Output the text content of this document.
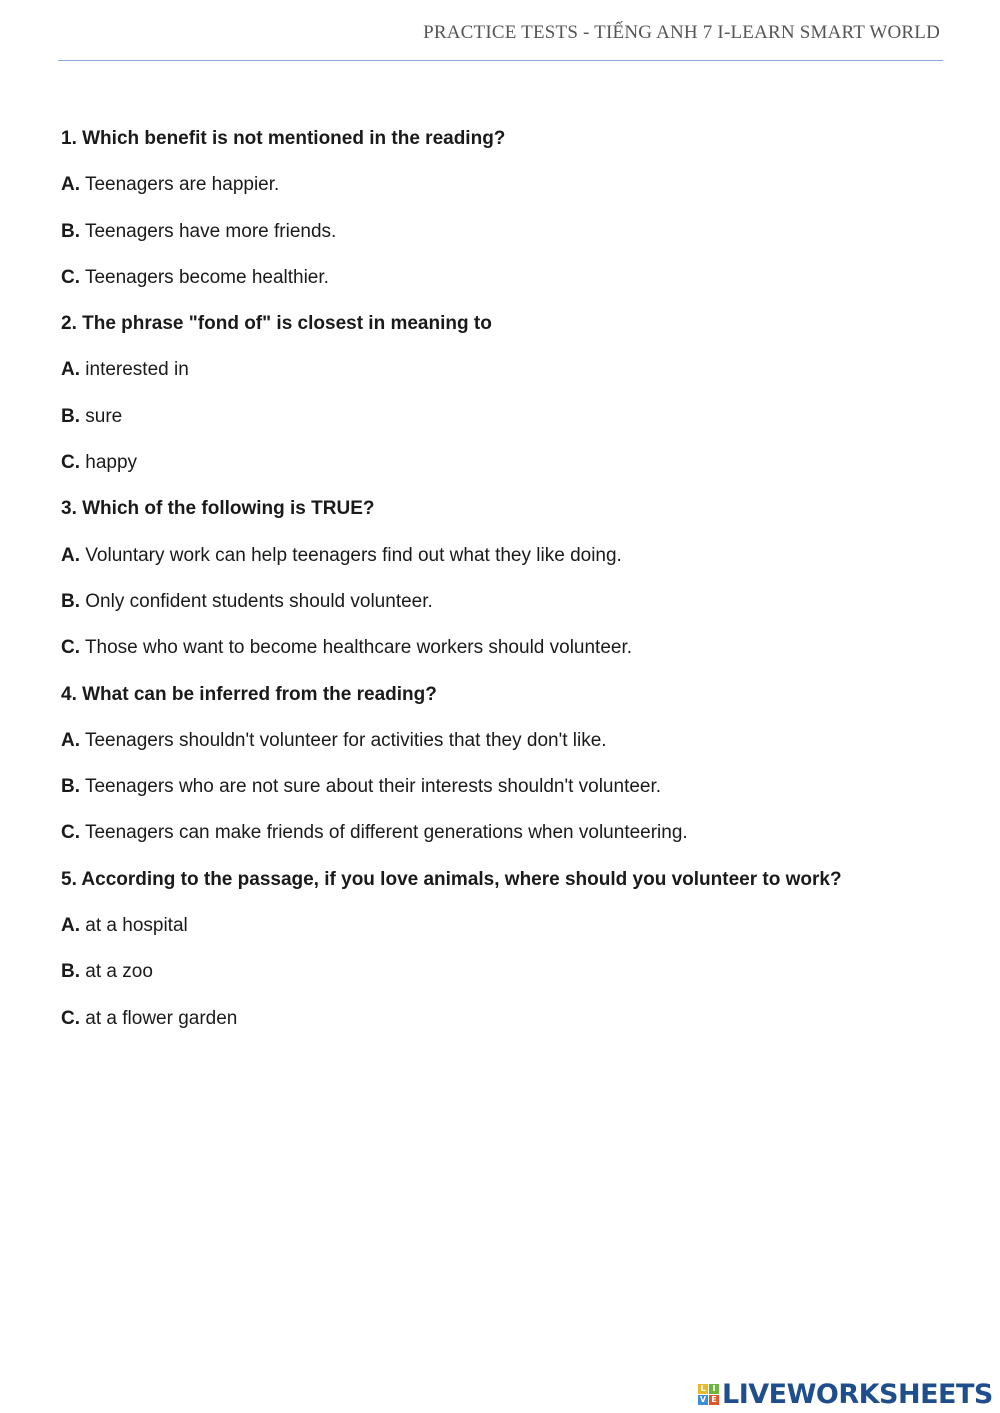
PRACTICE TESTS - TIẾNG ANH 7 I-LEARN SMART WORLD
1. Which benefit is not mentioned in the reading?
A. Teenagers are happier.
B. Teenagers have more friends.
C. Teenagers become healthier.
2. The phrase "fond of" is closest in meaning to
A. interested in
B. sure
C. happy
3. Which of the following is TRUE?
A. Voluntary work can help teenagers find out what they like doing.
B. Only confident students should volunteer.
C. Those who want to become healthcare workers should volunteer.
4. What can be inferred from the reading?
A. Teenagers shouldn't volunteer for activities that they don't like.
B. Teenagers who are not sure about their interests shouldn't volunteer.
C. Teenagers can make friends of different generations when volunteering.
5. According to the passage, if you love animals, where should you volunteer to work?
A. at a hospital
B. at a zoo
C. at a flower garden
L I
V E LIVEWORKSHEETS
